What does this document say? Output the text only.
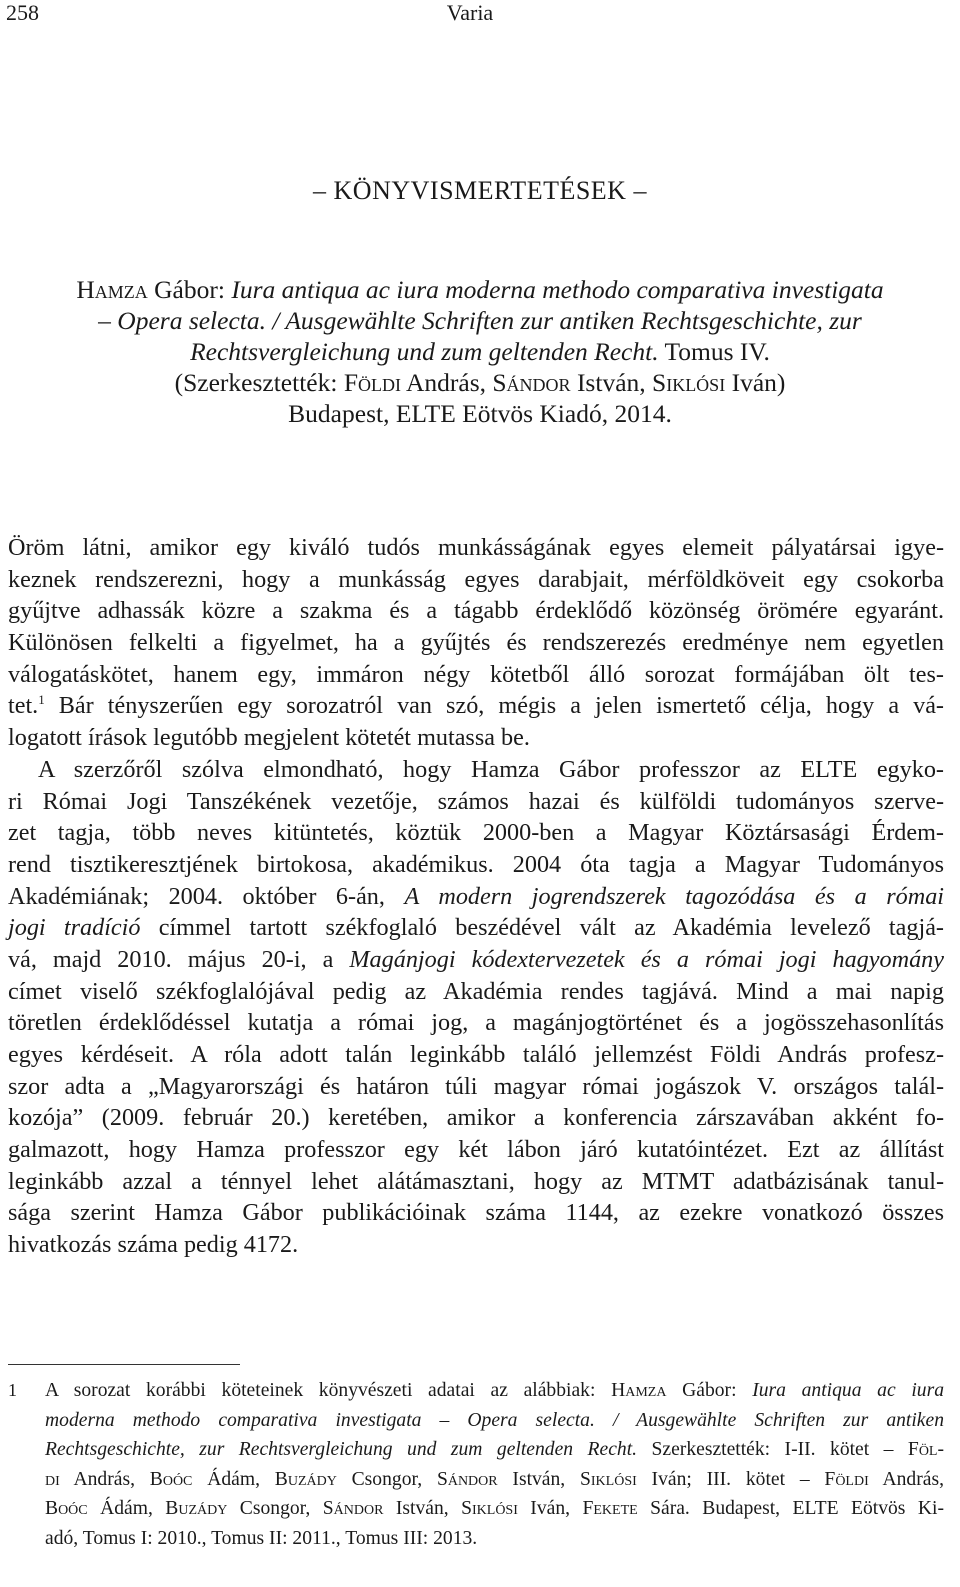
258	Varia
– KÖNYVISMERTETÉSEK –
Hamza Gábor: Iura antiqua ac iura moderna methodo comparativa investigata
– Opera selecta. / Ausgewählte Schriften zur antiken Rechtsgeschichte, zur
Rechtsvergleichung und zum geltenden Recht. Tomus IV.
(Szerkesztették: Földi András, Sándor István, Siklósi Iván)
Budapest, ELTE Eötvös Kiadó, 2014.
Öröm látni, amikor egy kiváló tudós munkásságának egyes elemeit pályatársai igye-
keznek rendszerezni, hogy a munkásság egyes darabjait, mérföldköveit egy csokorba
gyűjtve adhassák közre a szakma és a tágabb érdeklődő közönség örömére egyaránt.
Különösen felkelti a figyelmet, ha a gyűjtés és rendszerezés eredménye nem egyetlen
válogatáskötet, hanem egy, immáron négy kötetből álló sorozat formájában ölt tes-
tet.$^1$ Bár tényszerűen egy sorozatról van szó, mégis a jelen ismertető célja, hogy a vá-
logatott írások legutóbb megjelent kötetét mutassa be.
A szerzőről szólva elmondható, hogy Hamza Gábor professzor az ELTE egyko-
ri Római Jogi Tanszékének vezetője, számos hazai és külföldi tudományos szerve-
zet tagja, több neves kitüntetés, köztük 2000-ben a Magyar Köztársasági Érdem-
rend tisztikeresztjének birtokosa, akadémikus. 2004 óta tagja a Magyar Tudományos
Akadémiának; 2004. október 6-án, A modern jogrendszerek tagozódása és a római
jogi tradíció címmel tartott székfoglaló beszédével vált az Akadémia levelező tagjá-
vá, majd 2010. május 20-i, a Magánjogi kódextervezetek és a római jogi hagyomány
címet viselő székfoglalójával pedig az Akadémia rendes tagjává. Mind a mai napig
töretlen érdeklődéssel kutatja a római jog, a magánjogtörténet és a jogösszehasonlítás
egyes kérdéseit. A róla adott talán leginkább találó jellemzést Földi András profesz-
szor adta a „Magyarországi és határon túli magyar római jogászok V. országos talál-
kozója” (2009. február 20.) keretében, amikor a konferencia zárszavában akként fo-
galmazott, hogy Hamza professzor egy két lábon járó kutatóintézet. Ezt az állítást
leginkább azzal a ténnyel lehet alátámasztani, hogy az MTMT adatbázisának tanul-
sága szerint Hamza Gábor publikációinak száma 1144, az ezekre vonatkozó összes
hivatkozás száma pedig 4172.
1 A sorozat korábbi köteteinek könyvészeti adatai az alábbiak: Hamza Gábor: Iura antiqua ac iura
moderna methodo comparativa investigata – Opera selecta. / Ausgewählte Schriften zur antiken
Rechtsgeschichte, zur Rechtsvergleichung und zum geltenden Recht. Szerkesztették: I-II. kötet – Föl-
di András, Boóc Ádám, Buzády Csongor, Sándor István, Siklósi Iván; III. kötet – Földi András,
Boóc Ádám, Buzády Csongor, Sándor István, Siklósi Iván, Fekete Sára. Budapest, ELTE Eötvös Ki-
adó, Tomus I: 2010., Tomus II: 2011., Tomus III: 2013.
